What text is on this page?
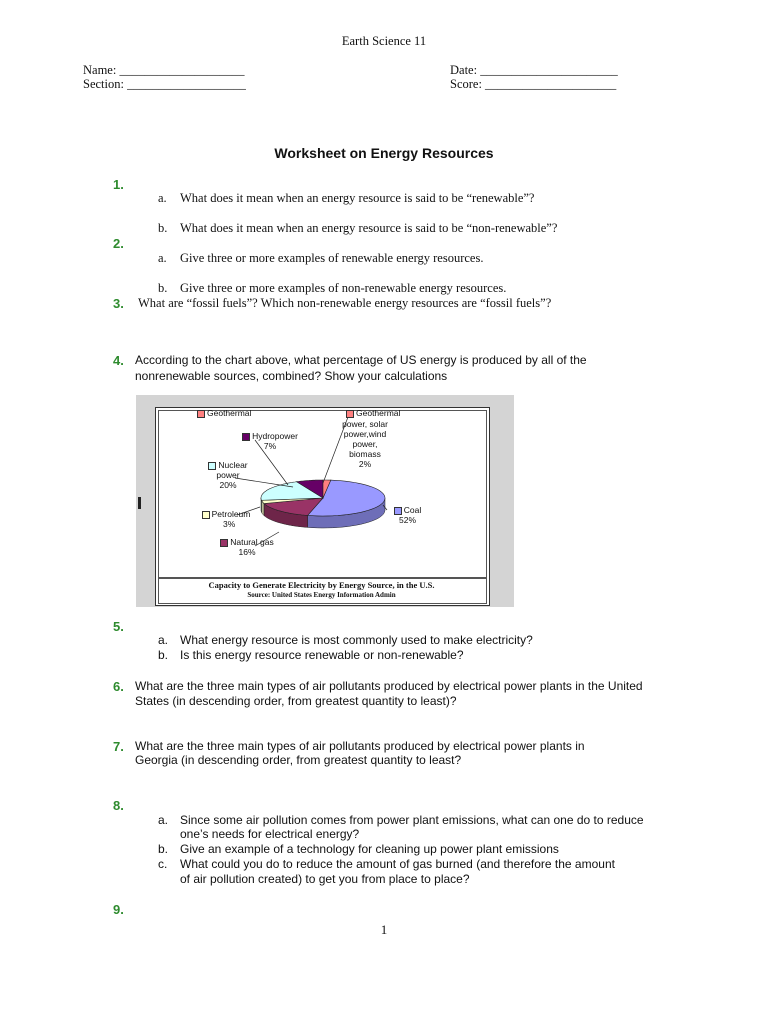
Earth Science 11
Name: ____________________
Section: ___________________
Date: ______________________
Score: _____________________
Worksheet on Energy Resources
1.
a. What does it mean when an energy resource is said to be “renewable”?
b. What does it mean when an energy resource is said to be “non-renewable”?
2.
a. Give three or more examples of renewable energy resources.
b. Give three or more examples of non-renewable energy resources.
3. What are “fossil fuels”? Which non-renewable energy resources are “fossil fuels”?
4. According to the chart above, what percentage of US energy is produced by all of the
nonrenewable sources, combined? Show your calculations
Geothermal
power, solar
power,wind
power,
biomass
2%
Geothermal
Hydropower
7%
Nuclear
power
20%
Petroleum
3%
Natural gas
16%
Coal
52%
Capacity to Generate Electricity by Energy Source, in the U.S.
Source: United States Energy Information Admin
5.
a. What energy resource is most commonly used to make electricity?
b. Is this energy resource renewable or non-renewable?
6. What are the three main types of air pollutants produced by electrical power plants in the United
States (in descending order, from greatest quantity to least)?
7. What are the three main types of air pollutants produced by electrical power plants in
Georgia (in descending order, from greatest quantity to least?
8.
a. Since some air pollution comes from power plant emissions, what can one do to reduce
one’s needs for electrical energy?
b. Give an example of a technology for cleaning up power plant emissions
c. What could you do to reduce the amount of gas burned (and therefore the amount
of air pollution created) to get you from place to place?
9.
1
